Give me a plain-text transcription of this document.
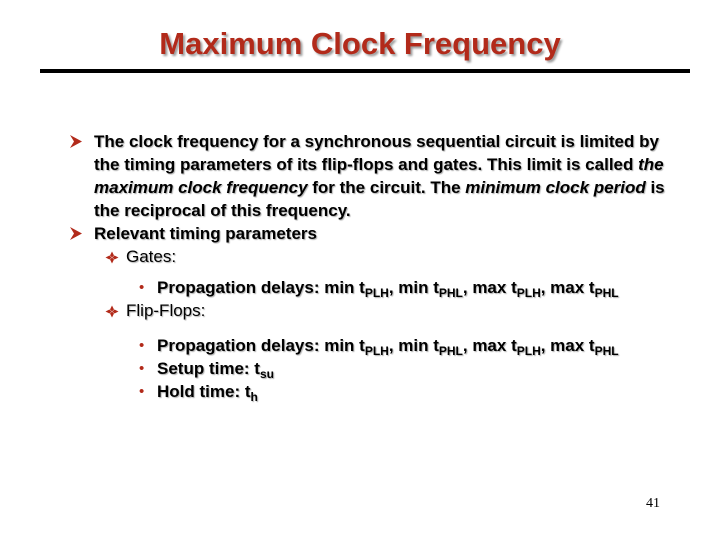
Maximum Clock Frequency
The clock frequency for a synchronous sequential circuit is limited by the timing parameters of its flip-flops and gates. This limit is called the maximum clock frequency for the circuit. The minimum clock period is the reciprocal of this frequency.
Relevant timing parameters
Gates:
• Propagation delays: $\min t_{PLH}$, $\min t_{PHL}$, $\max t_{PLH}$, $\max t_{PHL}$
Flip-Flops:
• Propagation delays: $\min t_{PLH}$, $\min t_{PHL}$, $\max t_{PLH}$, $\max t_{PHL}$
• Setup time: $t_{su}$
• Hold time: $t_h$
41
